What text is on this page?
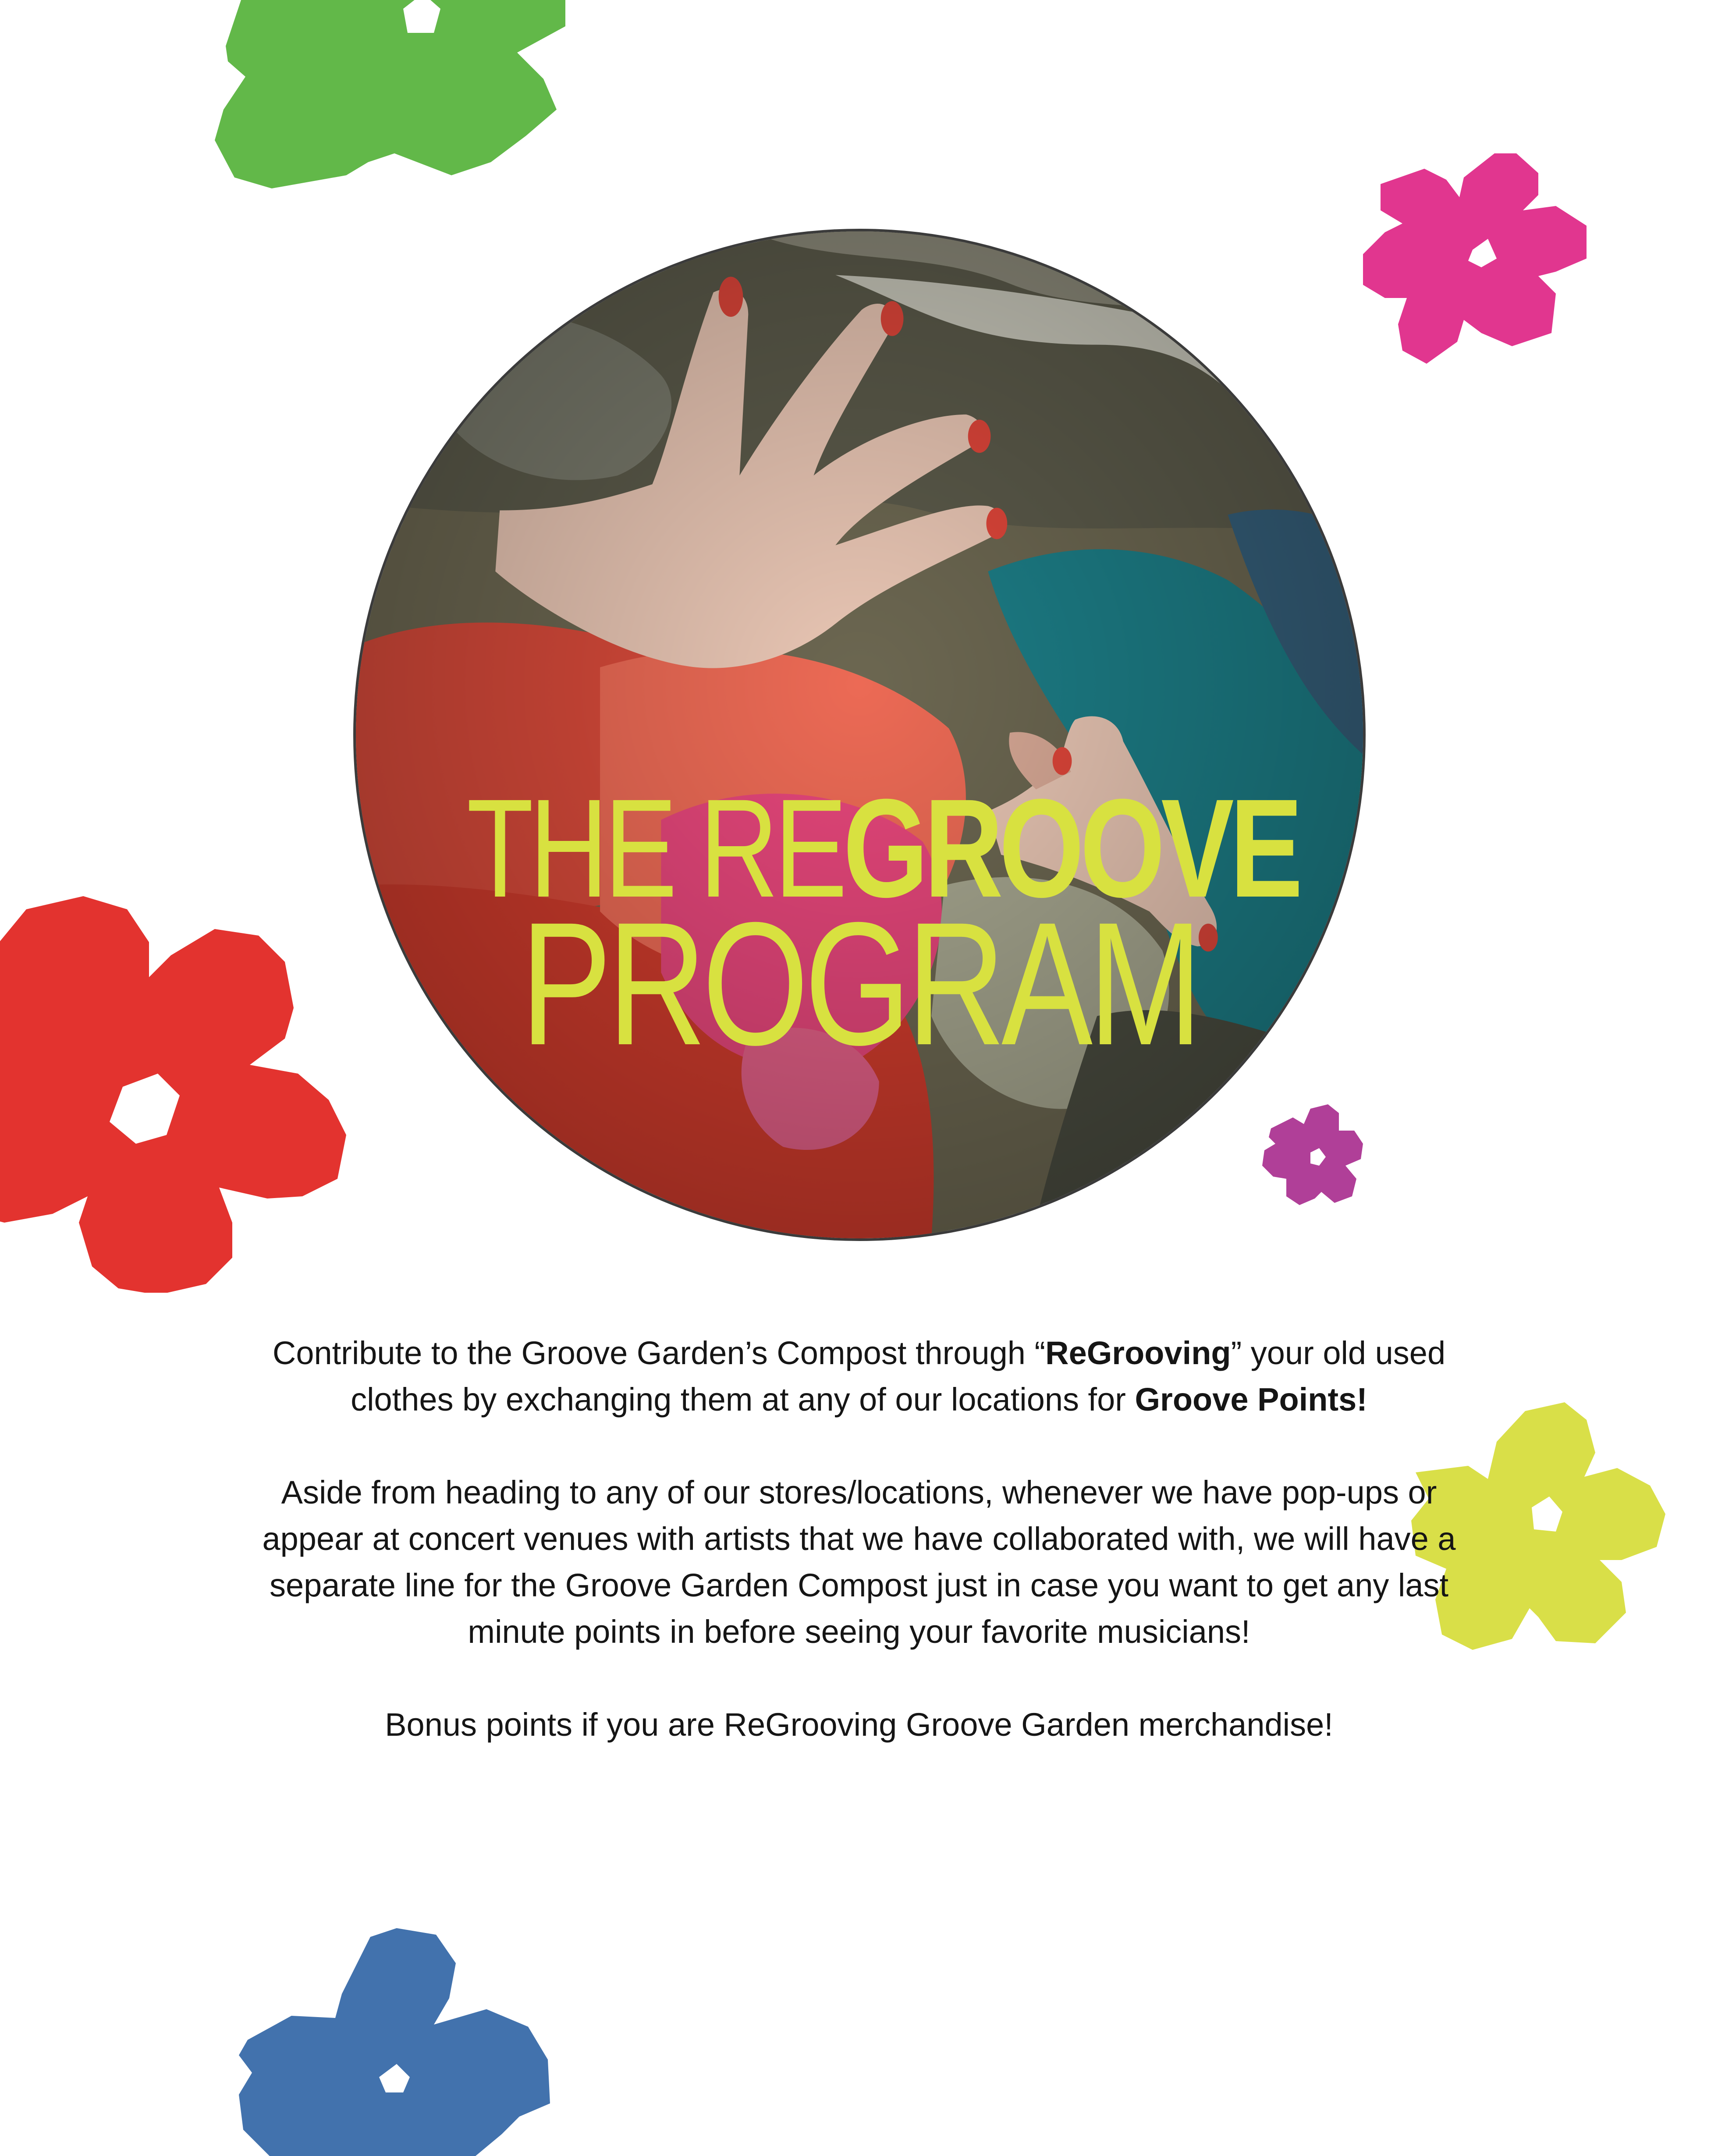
THE REGROOVE
PROGRAM

Contribute to the Groove Garden’s Compost through “ReGrooving” your old used clothes by exchanging them at any of our locations for Groove Points!

Aside from heading to any of our stores/locations, whenever we have pop-ups or appear at concert venues with artists that we have collaborated with, we will have a separate line for the Groove Garden Compost just in case you want to get any last minute points in before seeing your favorite musicians!

Bonus points if you are ReGrooving Groove Garden merchandise!
